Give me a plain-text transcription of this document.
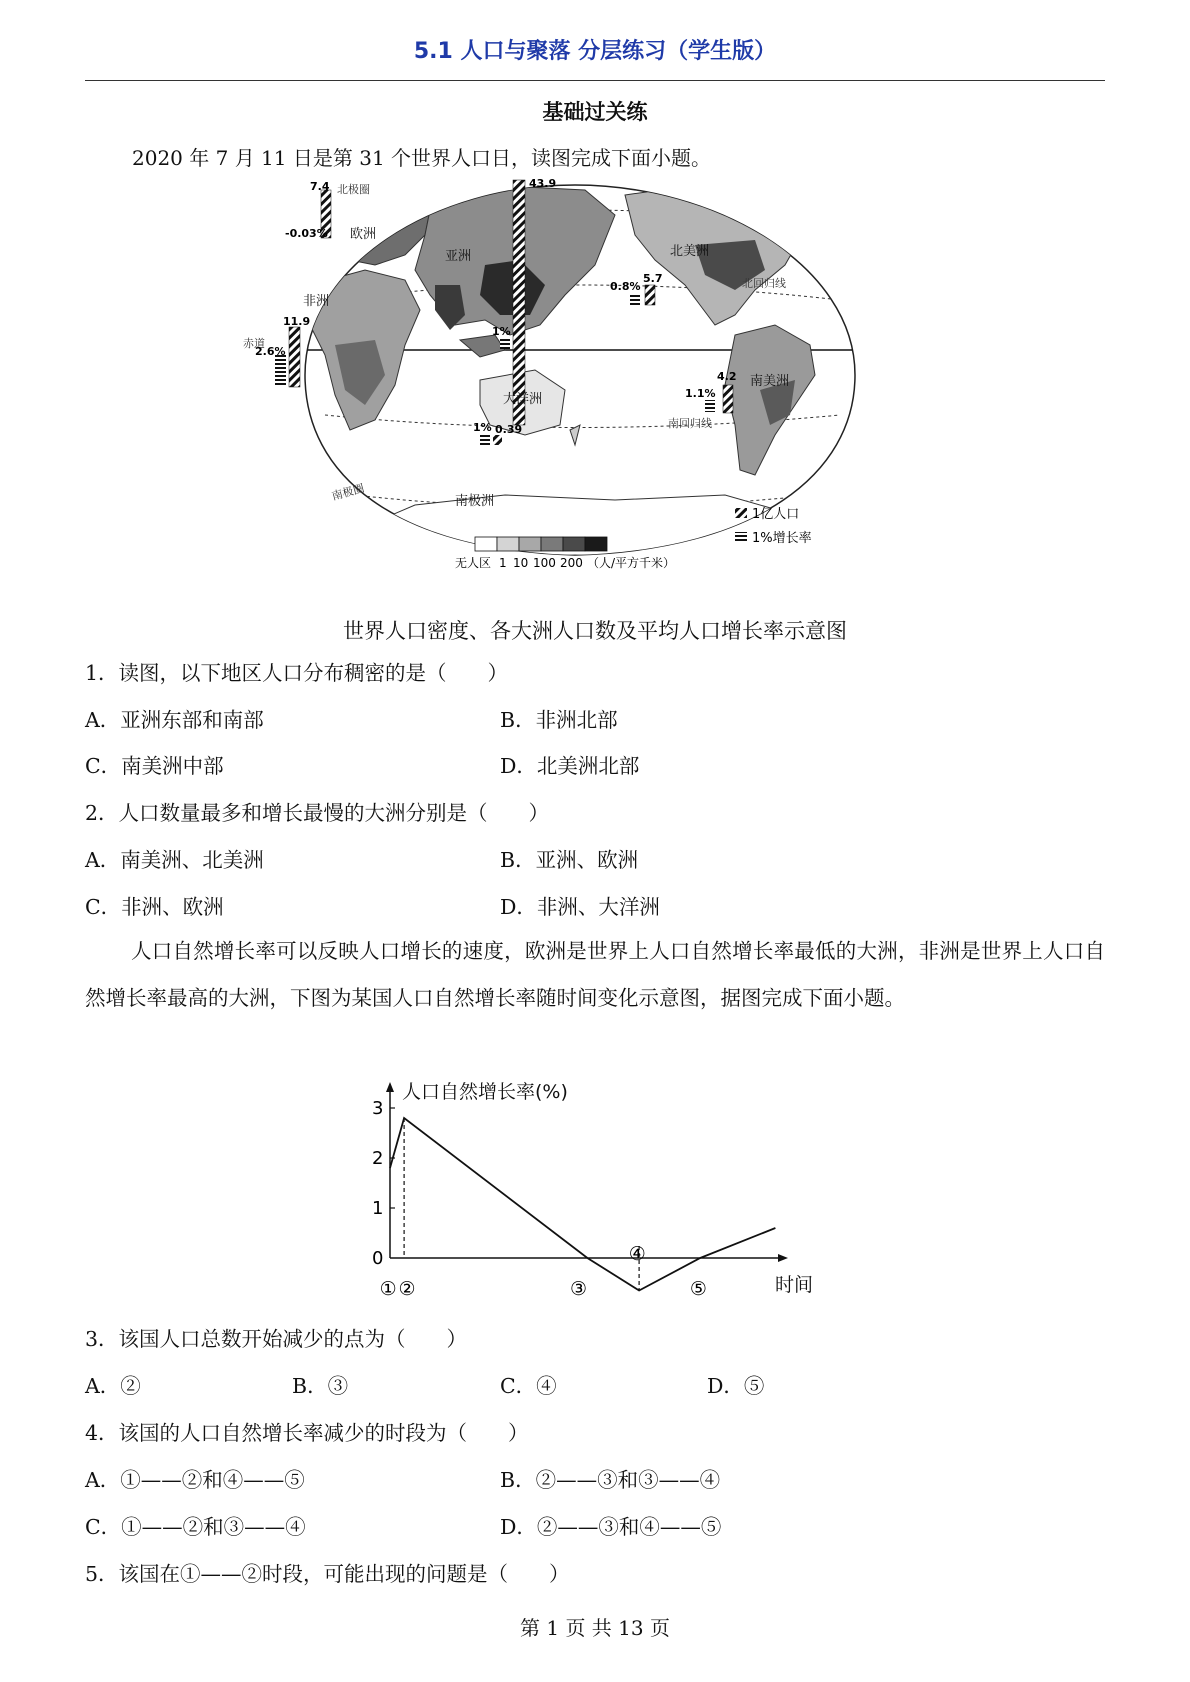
5.1 人口与聚落 分层练习（学生版）
基础过关练
2020 年 7 月 11 日是第 31 个世界人口日，读图完成下面小题。
欧洲
亚洲
非洲
北美洲
南美洲
大洋洲
南极洲
北极圈
北回归线
赤道
南回归线
南极圈
7.4
-0.03%
43.9
1%
11.9
2.6%
5.7
0.8%
4.2
1.1%
1% 0.39
1亿人口
1%增长率
无人区 1 10 100 200 （人/平方千米）
世界人口密度、各大洲人口数及平均人口增长率示意图
1．读图，以下地区人口分布稠密的是（　　）
A．亚洲东部和南部	B．非洲北部
C．南美洲中部	D．北美洲北部
2．人口数量最多和增长最慢的大洲分别是（　　）
A．南美洲、北美洲	B．亚洲、欧洲
C．非洲、欧洲	D．非洲、大洋洲
人口自然增长率可以反映人口增长的速度，欧洲是世界上人口自然增长率最低的大洲，非洲是世界上人口自然增长率最高的大洲，下图为某国人口自然增长率随时间变化示意图，据图完成下面小题。
人口自然增长率(%)
时间
0
1
2
3
① ②	③
④
⑤
3．该国人口总数开始减少的点为（　　）
A．②	B．③	C．④	D．⑤
4．该国的人口自然增长率减少的时段为（　　）
A．①——②和④——⑤	B．②——③和③——④
C．①——②和③——④	D．②——③和④——⑤
5．该国在①——②时段，可能出现的问题是（　　）
第 1 页 共 13 页
